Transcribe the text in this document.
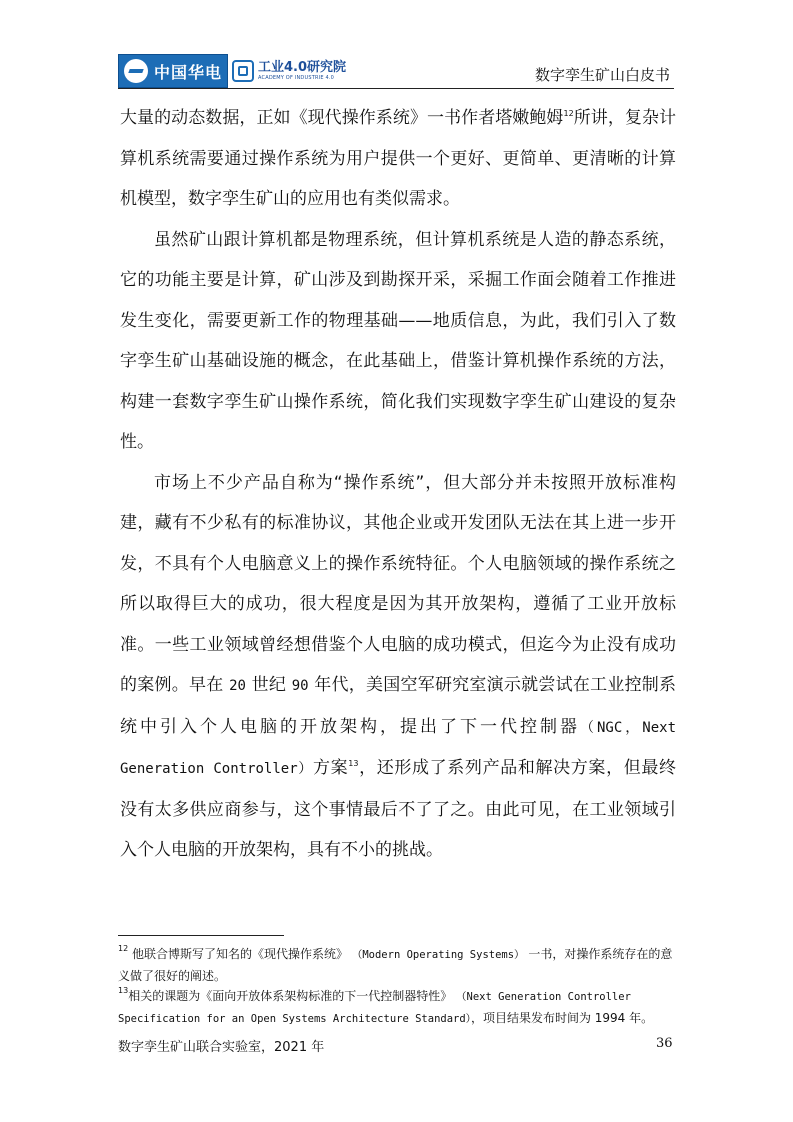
中国华电	工业4.0研究院
ACADEMY OF INDUSTRIE 4.0	数字孪生矿山白皮书

大量的动态数据，正如《现代操作系统》一书作者塔嫩鲍姆$^{12}$所讲，复杂计算机系统需要通过操作系统为用户提供一个更好、更简单、更清晰的计算机模型，数字孪生矿山的应用也有类似需求。

虽然矿山跟计算机都是物理系统，但计算机系统是人造的静态系统，它的功能主要是计算，矿山涉及到勘探开采，采掘工作面会随着工作推进发生变化，需要更新工作的物理基础——地质信息，为此，我们引入了数字孪生矿山基础设施的概念，在此基础上，借鉴计算机操作系统的方法，构建一套数字孪生矿山操作系统，简化我们实现数字孪生矿山建设的复杂性。

市场上不少产品自称为“操作系统”，但大部分并未按照开放标准构建，藏有不少私有的标准协议，其他企业或开发团队无法在其上进一步开发，不具有个人电脑意义上的操作系统特征。个人电脑领域的操作系统之所以取得巨大的成功，很大程度是因为其开放架构，遵循了工业开放标准。一些工业领域曾经想借鉴个人电脑的成功模式，但迄今为止没有成功的案例。早在 20 世纪 90 年代，美国空军研究室演示就尝试在工业控制系统中引入个人电脑的开放架构，提出了下一代控制器（NGC，Next Generation Controller）方案$^{13}$，还形成了系列产品和解决方案，但最终没有太多供应商参与，这个事情最后不了了之。由此可见，在工业领域引入个人电脑的开放架构，具有不小的挑战。

$^{12}$ 他联合博斯写了知名的《现代操作系统》 （Modern Operating Systems） 一书，对操作系统存在的意义做了很好的阐述。

$^{13}$相关的课题为《面向开放体系架构标准的下一代控制器特性》 （Next Generation Controller Specification for an Open Systems Architecture Standard），项目结果发布时间为 1994 年。

数字孪生矿山联合实验室，2021 年	36
